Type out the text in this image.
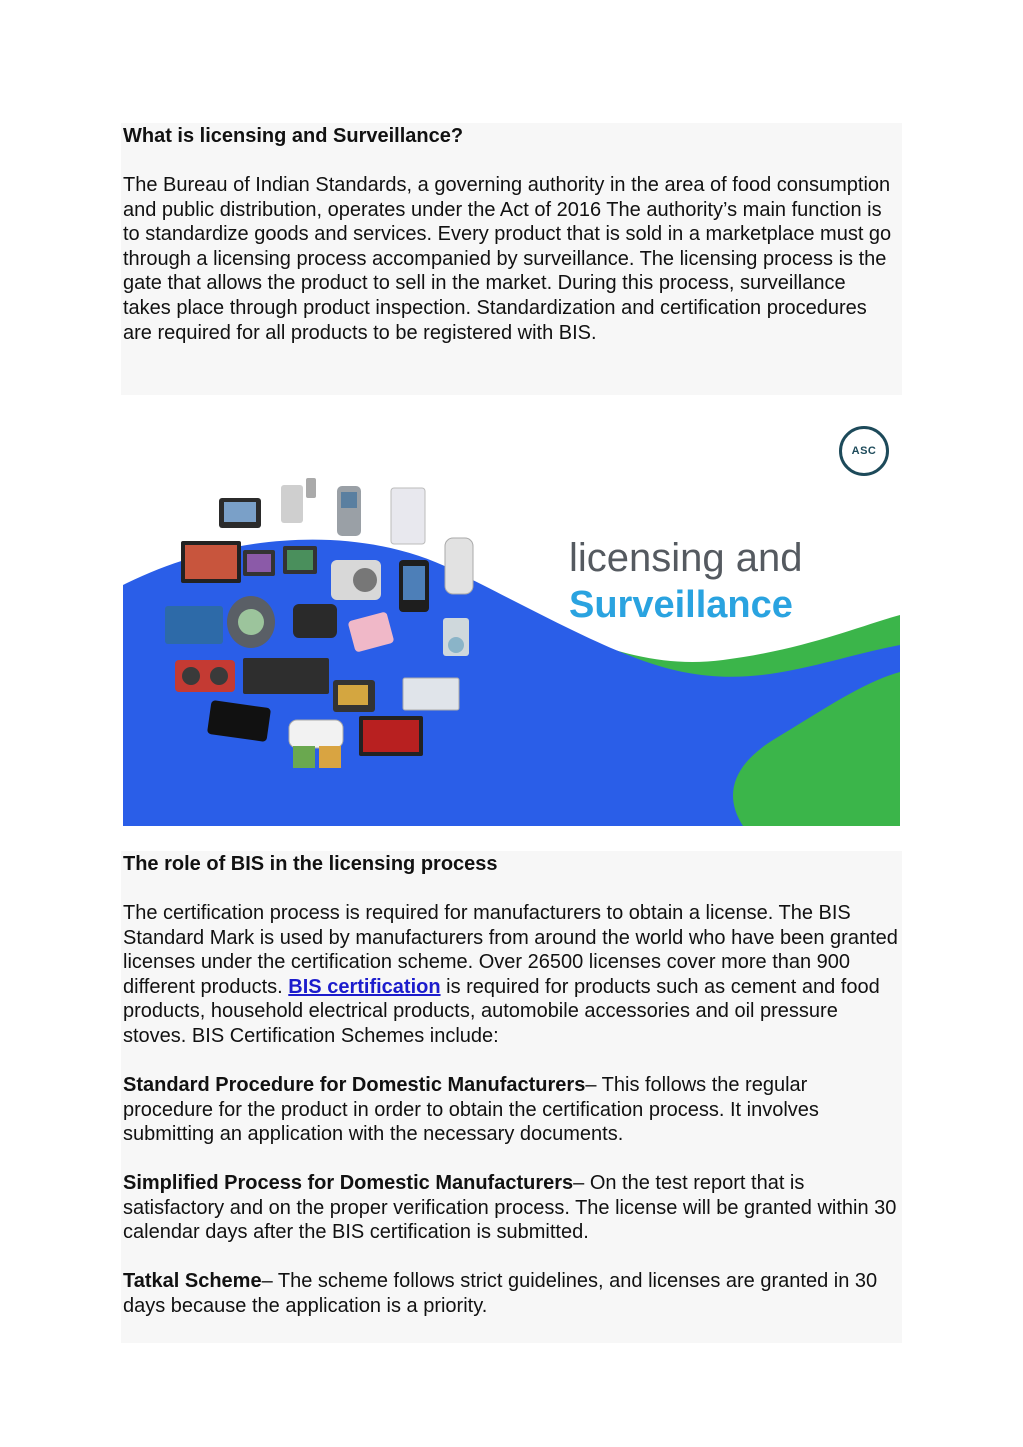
What is licensing and Surveillance?

The Bureau of Indian Standards, a governing authority in the area of food consumption and public distribution, operates under the Act of 2016 The authority’s main function is to standardize goods and services. Every product that is sold in a marketplace must go through a licensing process accompanied by surveillance. The licensing process is the gate that allows the product to sell in the market. During this process, surveillance takes place through product inspection. Standardization and certification procedures are required for all products to be registered with BIS.

licensing and
Surveillance
ASC
The role of BIS in the licensing process

The certification process is required for manufacturers to obtain a license. The BIS Standard Mark is used by manufacturers from around the world who have been granted licenses under the certification scheme. Over 26500 licenses cover more than 900 different products. BIS certification is required for products such as cement and food products, household electrical products, automobile accessories and oil pressure stoves. BIS Certification Schemes include:

Standard Procedure for Domestic Manufacturers– This follows the regular procedure for the product in order to obtain the certification process. It involves submitting an application with the necessary documents.

Simplified Process for Domestic Manufacturers– On the test report that is satisfactory and on the proper verification process. The license will be granted within 30 calendar days after the BIS certification is submitted.

Tatkal Scheme– The scheme follows strict guidelines, and licenses are granted in 30 days because the application is a priority.
